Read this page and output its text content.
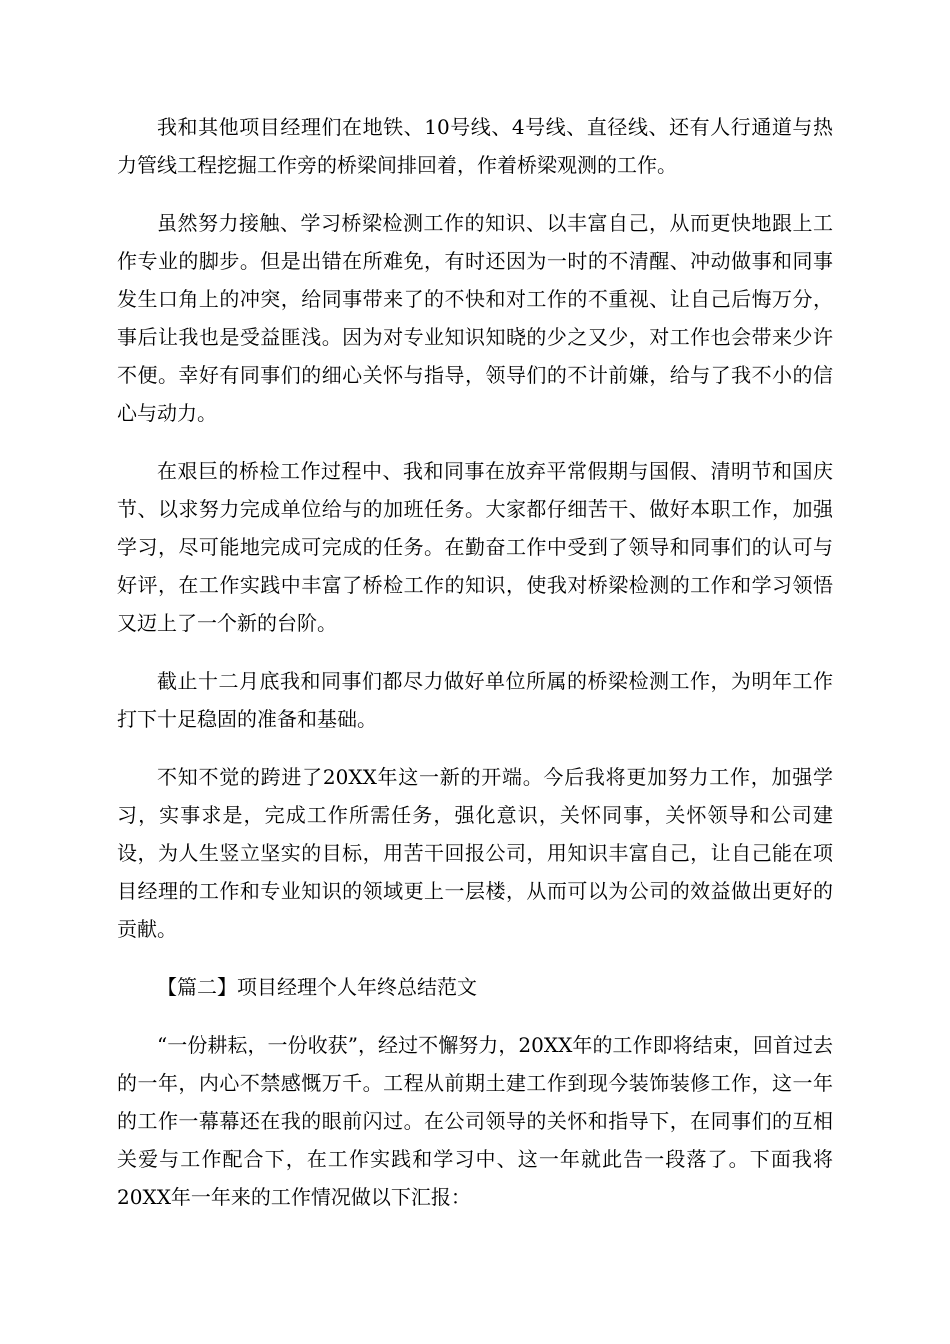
我和其他项目经理们在地铁、10号线、4号线、直径线、还有人行通道与热力管线工程挖掘工作旁的桥梁间排回着，作着桥梁观测的工作。

虽然努力接触、学习桥梁检测工作的知识、以丰富自己，从而更快地跟上工作专业的脚步。但是出错在所难免，有时还因为一时的不清醒、冲动做事和同事发生口角上的冲突，给同事带来了的不快和对工作的不重视、让自己后悔万分，事后让我也是受益匪浅。因为对专业知识知晓的少之又少，对工作也会带来少许不便。幸好有同事们的细心关怀与指导，领导们的不计前嫌，给与了我不小的信心与动力。

在艰巨的桥检工作过程中、我和同事在放弃平常假期与国假、清明节和国庆节、以求努力完成单位给与的加班任务。大家都仔细苦干、做好本职工作，加强学习，尽可能地完成可完成的任务。在勤奋工作中受到了领导和同事们的认可与好评，在工作实践中丰富了桥检工作的知识，使我对桥梁检测的工作和学习领悟又迈上了一个新的台阶。

截止十二月底我和同事们都尽力做好单位所属的桥梁检测工作，为明年工作打下十足稳固的准备和基础。

不知不觉的跨进了20XX年这一新的开端。今后我将更加努力工作，加强学习，实事求是，完成工作所需任务，强化意识，关怀同事，关怀领导和公司建设，为人生竖立坚实的目标，用苦干回报公司，用知识丰富自己，让自己能在项目经理的工作和专业知识的领域更上一层楼，从而可以为公司的效益做出更好的贡献。

【篇二】项目经理个人年终总结范文

“一份耕耘，一份收获”，经过不懈努力，20XX年的工作即将结束，回首过去的一年，内心不禁感慨万千。工程从前期土建工作到现今装饰装修工作，这一年的工作一幕幕还在我的眼前闪过。在公司领导的关怀和指导下，在同事们的互相关爱与工作配合下，在工作实践和学习中、这一年就此告一段落了。下面我将20XX年一年来的工作情况做以下汇报：
